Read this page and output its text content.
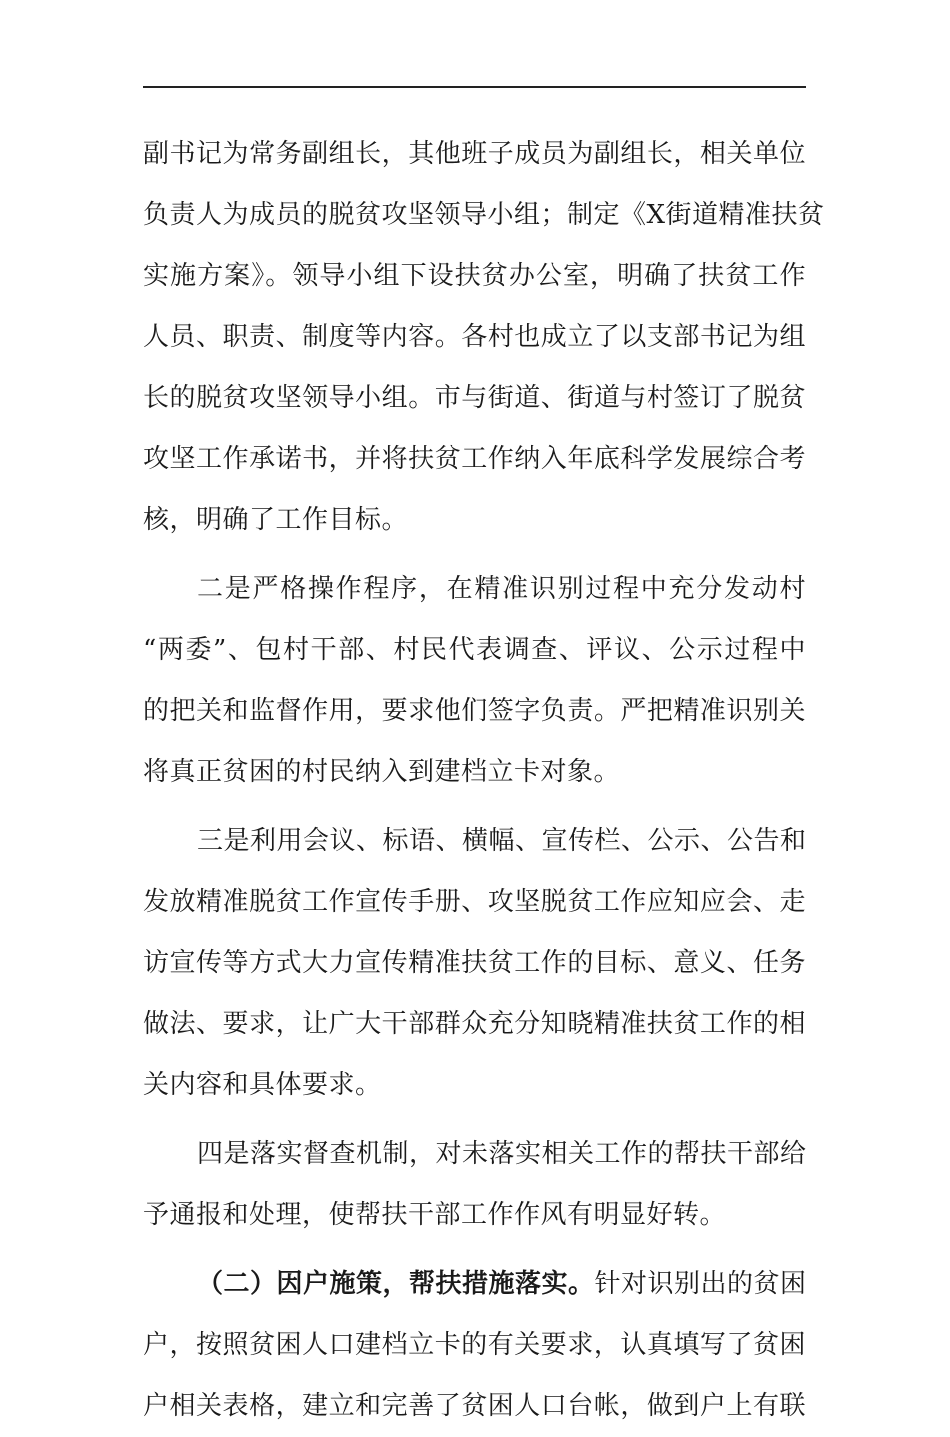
副书记为常务副组长，其他班子成员为副组长，相关单位
负责人为成员的脱贫攻坚领导小组；制定《X街道精准扶贫
实施方案》。领导小组下设扶贫办公室，明确了扶贫工作
人员、职责、制度等内容。各村也成立了以支部书记为组
长的脱贫攻坚领导小组。市与街道、街道与村签订了脱贫
攻坚工作承诺书，并将扶贫工作纳入年底科学发展综合考
核，明确了工作目标。
二是严格操作程序，在精准识别过程中充分发动村
“两委”、包村干部、村民代表调查、评议、公示过程中
的把关和监督作用，要求他们签字负责。严把精准识别关
将真正贫困的村民纳入到建档立卡对象。
三是利用会议、标语、横幅、宣传栏、公示、公告和
发放精准脱贫工作宣传手册、攻坚脱贫工作应知应会、走
访宣传等方式大力宣传精准扶贫工作的目标、意义、任务
做法、要求，让广大干部群众充分知晓精准扶贫工作的相
关内容和具体要求。
四是落实督查机制，对未落实相关工作的帮扶干部给
予通报和处理，使帮扶干部工作作风有明显好转。
（二）因户施策，帮扶措施落实。针对识别出的贫困
户，按照贫困人口建档立卡的有关要求，认真填写了贫困
户相关表格，建立和完善了贫困人口台帐，做到户上有联
